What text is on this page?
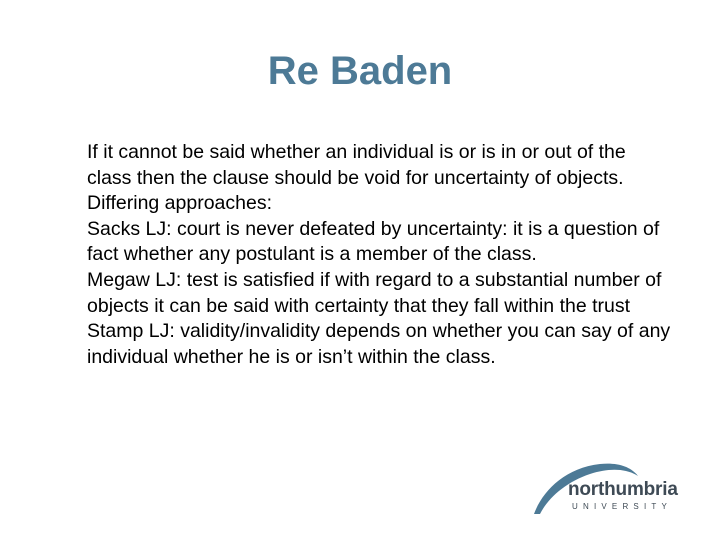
Re Baden

If it cannot be said whether an individual is or is in or out of the class then the clause should be void for uncertainty of objects. Differing approaches:

Sacks LJ: court is never defeated by uncertainty: it is a question of fact whether any postulant is a member of the class.

Megaw LJ: test is satisfied if with regard to a substantial number of objects it can be said with certainty that they fall within the trust

Stamp LJ: validity/invalidity depends on whether you can say of any individual whether he is or isn’t within the class.

northumbria
UNIVERSITY
